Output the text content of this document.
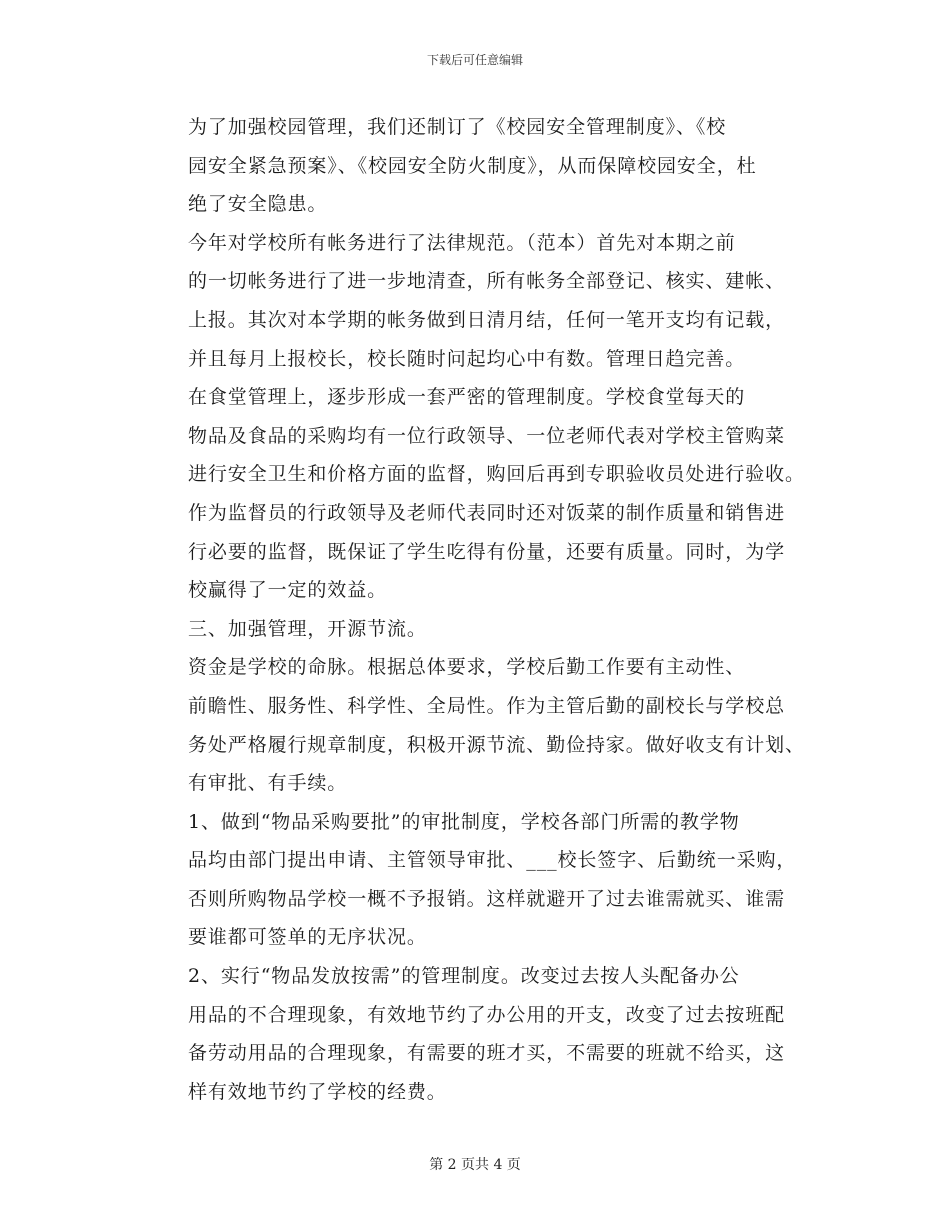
下载后可任意编辑

为了加强校园管理，我们还制订了《校园安全管理制度》、《校
园安全紧急预案》、《校园安全防火制度》，从而保障校园安全，杜
绝了安全隐患。

今年对学校所有帐务进行了法律规范。（范本）首先对本期之前
的一切帐务进行了进一步地清查，所有帐务全部登记、核实、建帐、
上报。其次对本学期的帐务做到日清月结，任何一笔开支均有记载，
并且每月上报校长，校长随时问起均心中有数。管理日趋完善。

在食堂管理上，逐步形成一套严密的管理制度。学校食堂每天的
物品及食品的采购均有一位行政领导、一位老师代表对学校主管购菜
进行安全卫生和价格方面的监督，购回后再到专职验收员处进行验收。
作为监督员的行政领导及老师代表同时还对饭菜的制作质量和销售进
行必要的监督，既保证了学生吃得有份量，还要有质量。同时，为学
校赢得了一定的效益。

三、加强管理，开源节流。

资金是学校的命脉。根据总体要求，学校后勤工作要有主动性、
前瞻性、服务性、科学性、全局性。作为主管后勤的副校长与学校总
务处严格履行规章制度，积极开源节流、勤俭持家。做好收支有计划、
有审批、有手续。

1、做到“物品采购要批”的审批制度，学校各部门所需的教学物
品均由部门提出申请、主管领导审批、___校长签字、后勤统一采购，
否则所购物品学校一概不予报销。这样就避开了过去谁需就买、谁需
要谁都可签单的无序状况。

2、实行“物品发放按需”的管理制度。改变过去按人头配备办公
用品的不合理现象，有效地节约了办公用的开支，改变了过去按班配
备劳动用品的合理现象，有需要的班才买，不需要的班就不给买，这
样有效地节约了学校的经费。

第 2 页共 4 页
